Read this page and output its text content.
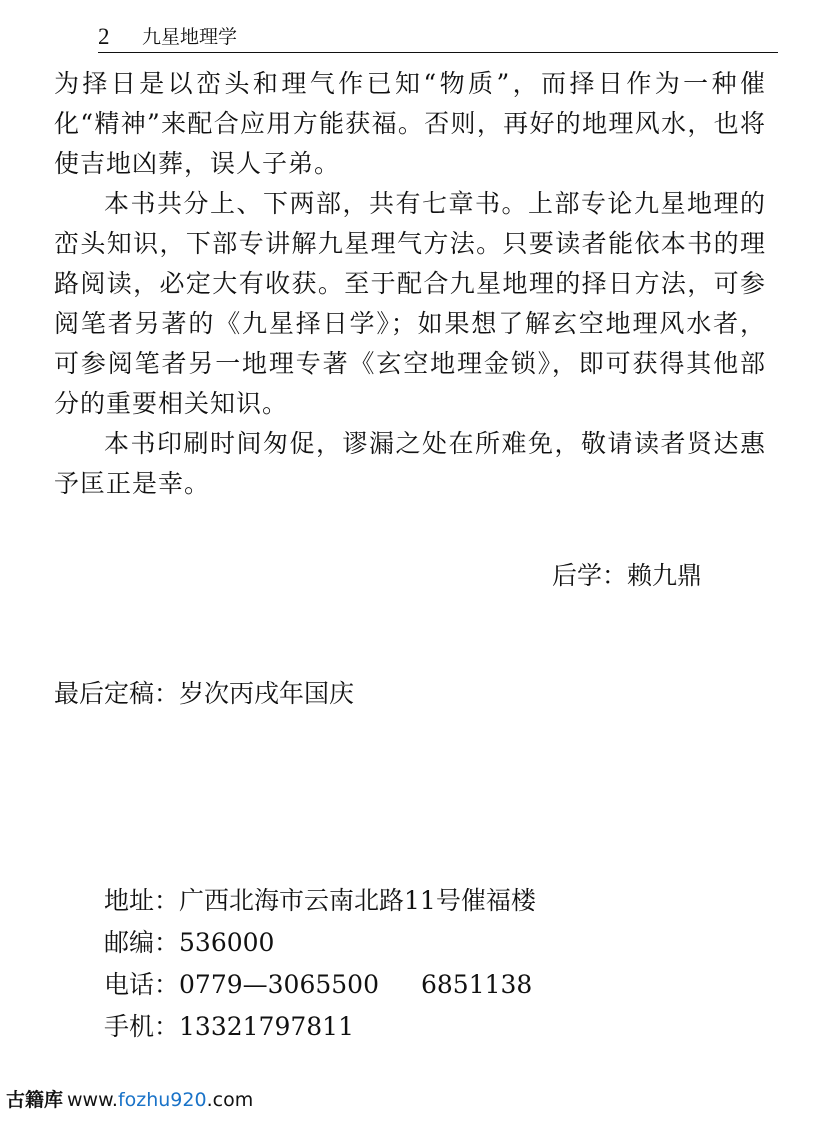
2	九星地理学

为择日是以峦头和理气作已知“物质”，而择日作为一种催化“精神”来配合应用方能获福。否则，再好的地理风水，也将使吉地凶葬，误人子弟。

本书共分上、下两部，共有七章书。上部专论九星地理的峦头知识，下部专讲解九星理气方法。只要读者能依本书的理路阅读，必定大有收获。至于配合九星地理的择日方法，可参阅笔者另著的《九星择日学》；如果想了解玄空地理风水者，可参阅笔者另一地理专著《玄空地理金锁》，即可获得其他部分的重要相关知识。

本书印刷时间匆促，谬漏之处在所难免，敬请读者贤达惠予匡正是幸。

后学：赖九鼎
最后定稿：岁次丙戌年国庆
地址：广西北海市云南北路11号催福楼
邮编：536000
电话：0779—3065500 6851138
手机：13321797811
古籍库 www.fozhu920.com
